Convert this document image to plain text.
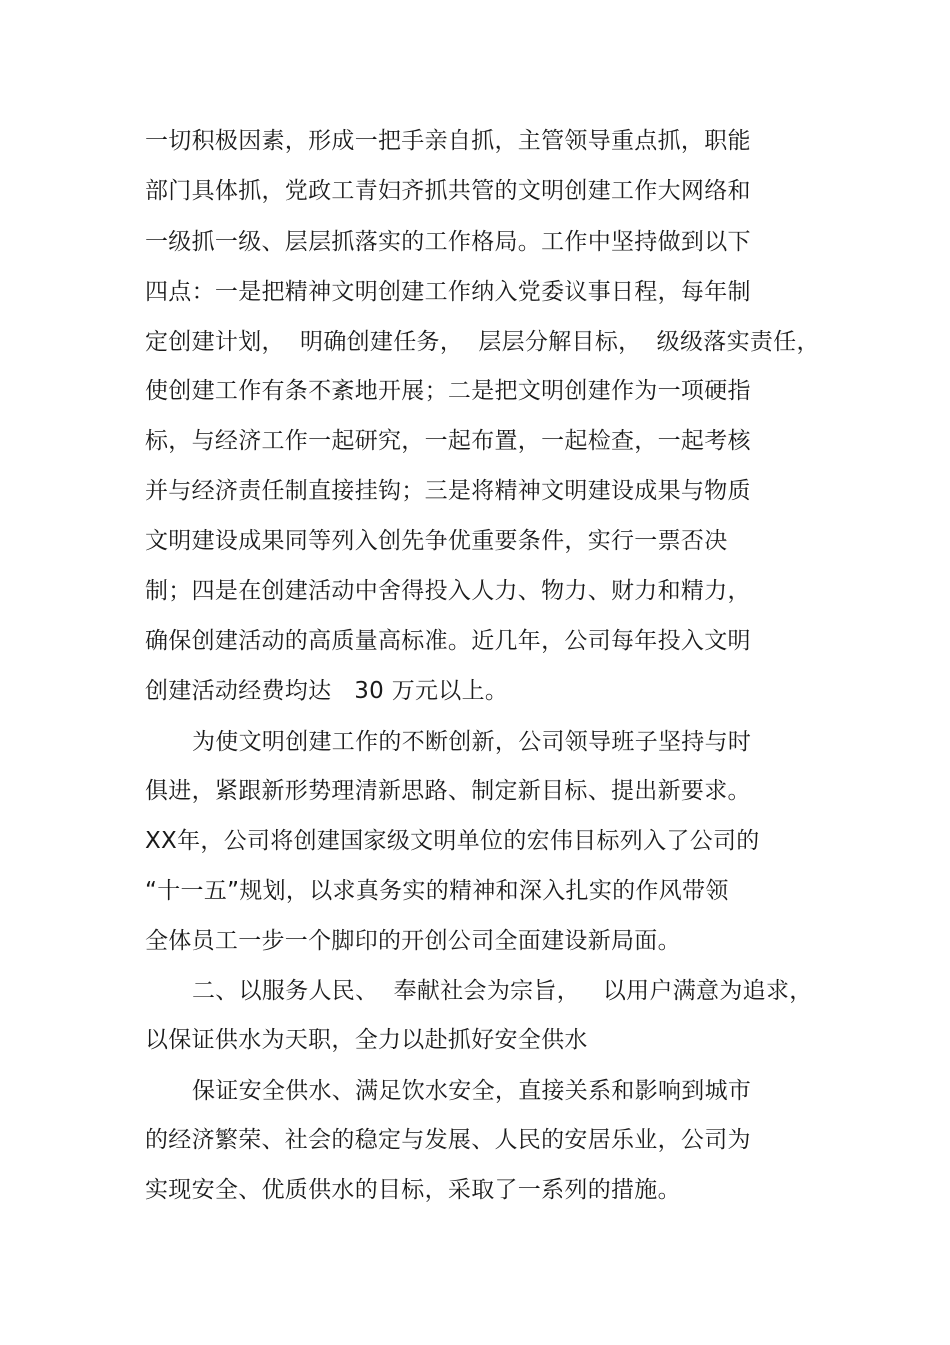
一切积极因素，形成一把手亲自抓，主管领导重点抓，职能
部门具体抓，党政工青妇齐抓共管的文明创建工作大网络和
一级抓一级、层层抓落实的工作格局。工作中坚持做到以下
四点：一是把精神文明创建工作纳入党委议事日程，每年制
定创建计划，  明确创建任务，  层层分解目标，  级级落实责任，
使创建工作有条不紊地开展；二是把文明创建作为一项硬指
标，与经济工作一起研究，一起布置，一起检查，一起考核
并与经济责任制直接挂钩；三是将精神文明建设成果与物质
文明建设成果同等列入创先争优重要条件，实行一票否决
制；四是在创建活动中舍得投入人力、物力、财力和精力，
确保创建活动的高质量高标准。近几年，公司每年投入文明
创建活动经费均达   30 万元以上。
为使文明创建工作的不断创新，公司领导班子坚持与时
俱进，紧跟新形势理清新思路、制定新目标、提出新要求。
XX年，公司将创建国家级文明单位的宏伟目标列入了公司的
“十一五”规划，以求真务实的精神和深入扎实的作风带领
全体员工一步一个脚印的开创公司全面建设新局面。
二、以服务人民、  奉献社会为宗旨，   以用户满意为追求，
以保证供水为天职，全力以赴抓好安全供水
保证安全供水、满足饮水安全，直接关系和影响到城市
的经济繁荣、社会的稳定与发展、人民的安居乐业，公司为
实现安全、优质供水的目标，采取了一系列的措施。
